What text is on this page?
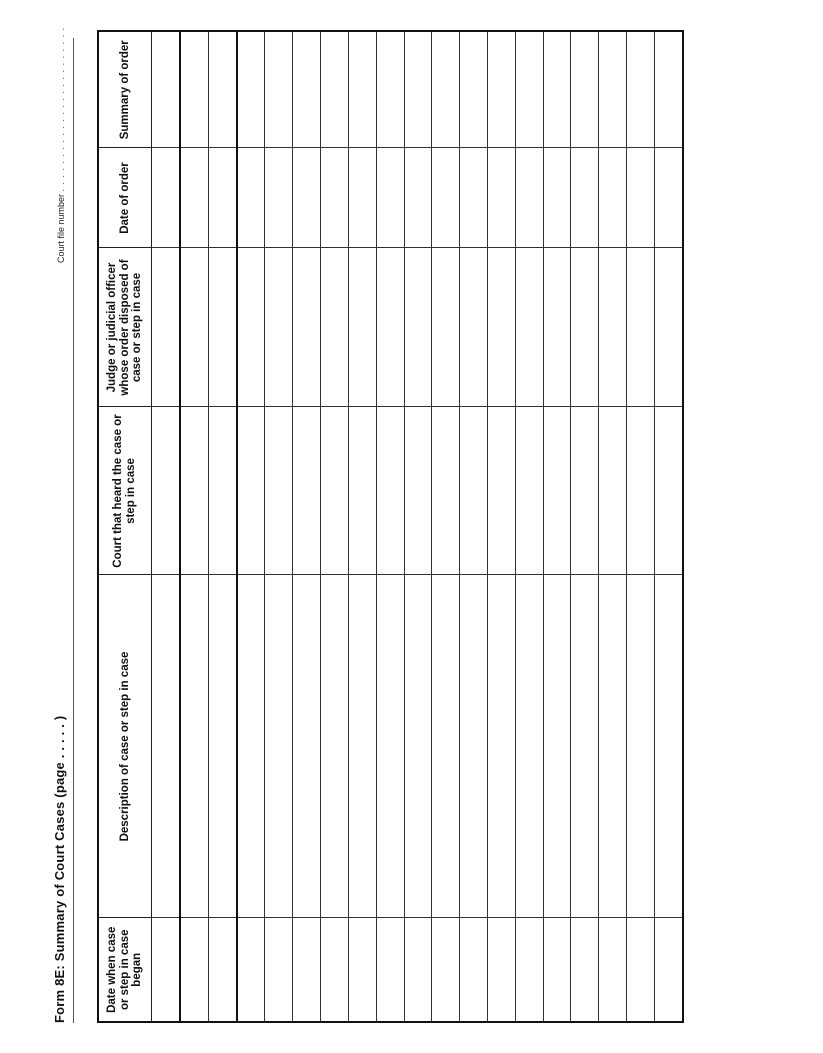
Form 8E: Summary of Court Cases (page . . . . . )
Court file number . . . . . . . . . . . . . . . . . . . . . . . .
Date when case or step in case began	Description of case or step in case	Court that heard the case or step in case	Judge or judicial officer whose order disposed of case or step in case	Date of order	Summary of order
